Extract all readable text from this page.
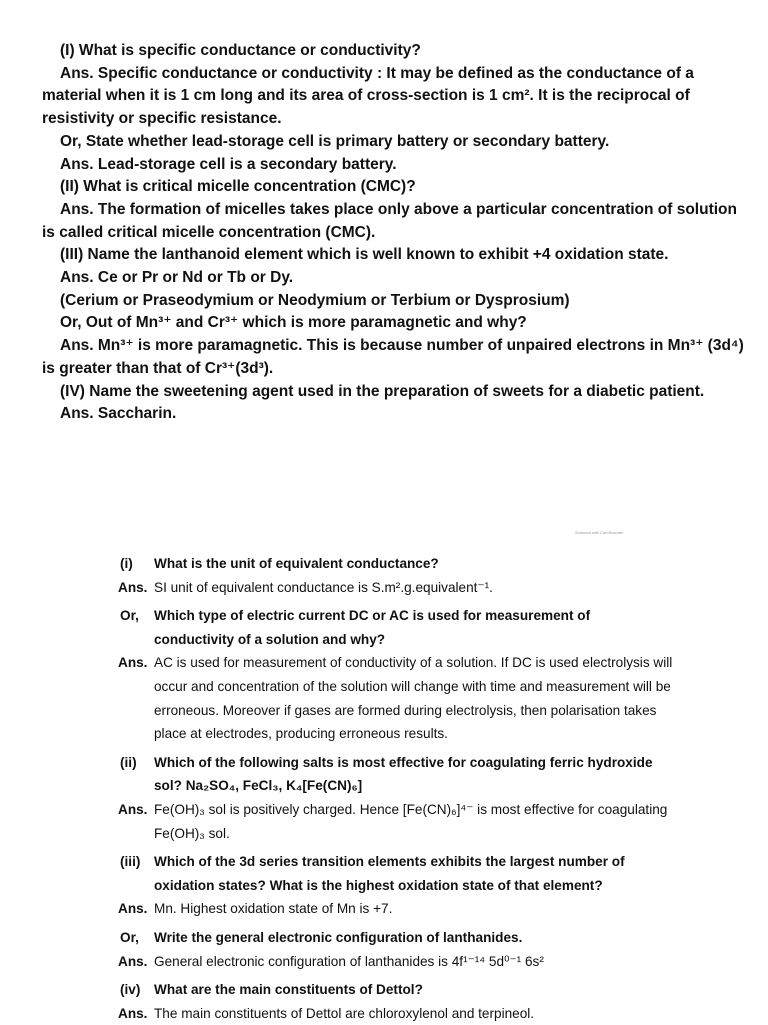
(I) What is specific conductance or conductivity?

Ans. Specific conductance or conductivity : It may be defined as the conductance of a

material when it is 1 cm long and its area of cross-section is 1 cm². It is the reciprocal of

resistivity or specific resistance.

Or, State whether lead-storage cell is primary battery or secondary battery.

Ans. Lead-storage cell is a secondary battery.

(II) What is critical micelle concentration (CMC)?

Ans. The formation of micelles takes place only above a particular concentration of solution

is called critical micelle concentration (CMC).

(III) Name the lanthanoid element which is well known to exhibit +4 oxidation state.

Ans. Ce or Pr or Nd or Tb or Dy.

(Cerium or Praseodymium or Neodymium or Terbium or Dysprosium)

Or, Out of Mn³⁺ and Cr³⁺ which is more paramagnetic and why?

Ans. Mn³⁺ is more paramagnetic. This is because number of unpaired electrons in Mn³⁺ (3d⁴)

is greater than that of Cr³⁺(3d³).

(IV) Name the sweetening agent used in the preparation of sweets for a diabetic patient.

Ans. Saccharin.

Scanned with CamScanner
(i) What is the unit of equivalent conductance?
Ans. SI unit of equivalent conductance is S.m².g.equivalent⁻¹.
Or, Which type of electric current DC or AC is used for measurement of conductivity of a solution and why?
Ans. AC is used for measurement of conductivity of a solution. If DC is used electrolysis will occur and concentration of the solution will change with time and measurement will be erroneous. Moreover if gases are formed during electrolysis, then polarisation takes place at electrodes, producing erroneous results.
(ii) Which of the following salts is most effective for coagulating ferric hydroxide sol? Na₂SO₄, FeCl₃, K₄[Fe(CN)₆]
Ans. Fe(OH)₃ sol is positively charged. Hence [Fe(CN)₆]⁴⁻ is most effective for coagulating Fe(OH)₃ sol.
(iii) Which of the 3d series transition elements exhibits the largest number of oxidation states? What is the highest oxidation state of that element?
Ans. Mn. Highest oxidation state of Mn is +7.
Or, Write the general electronic configuration of lanthanides.
Ans. General electronic configuration of lanthanides is 4f¹⁻¹⁴ 5d⁰⁻¹ 6s²
(iv) What are the main constituents of Dettol?
Ans. The main constituents of Dettol are chloroxylenol and terpineol.
